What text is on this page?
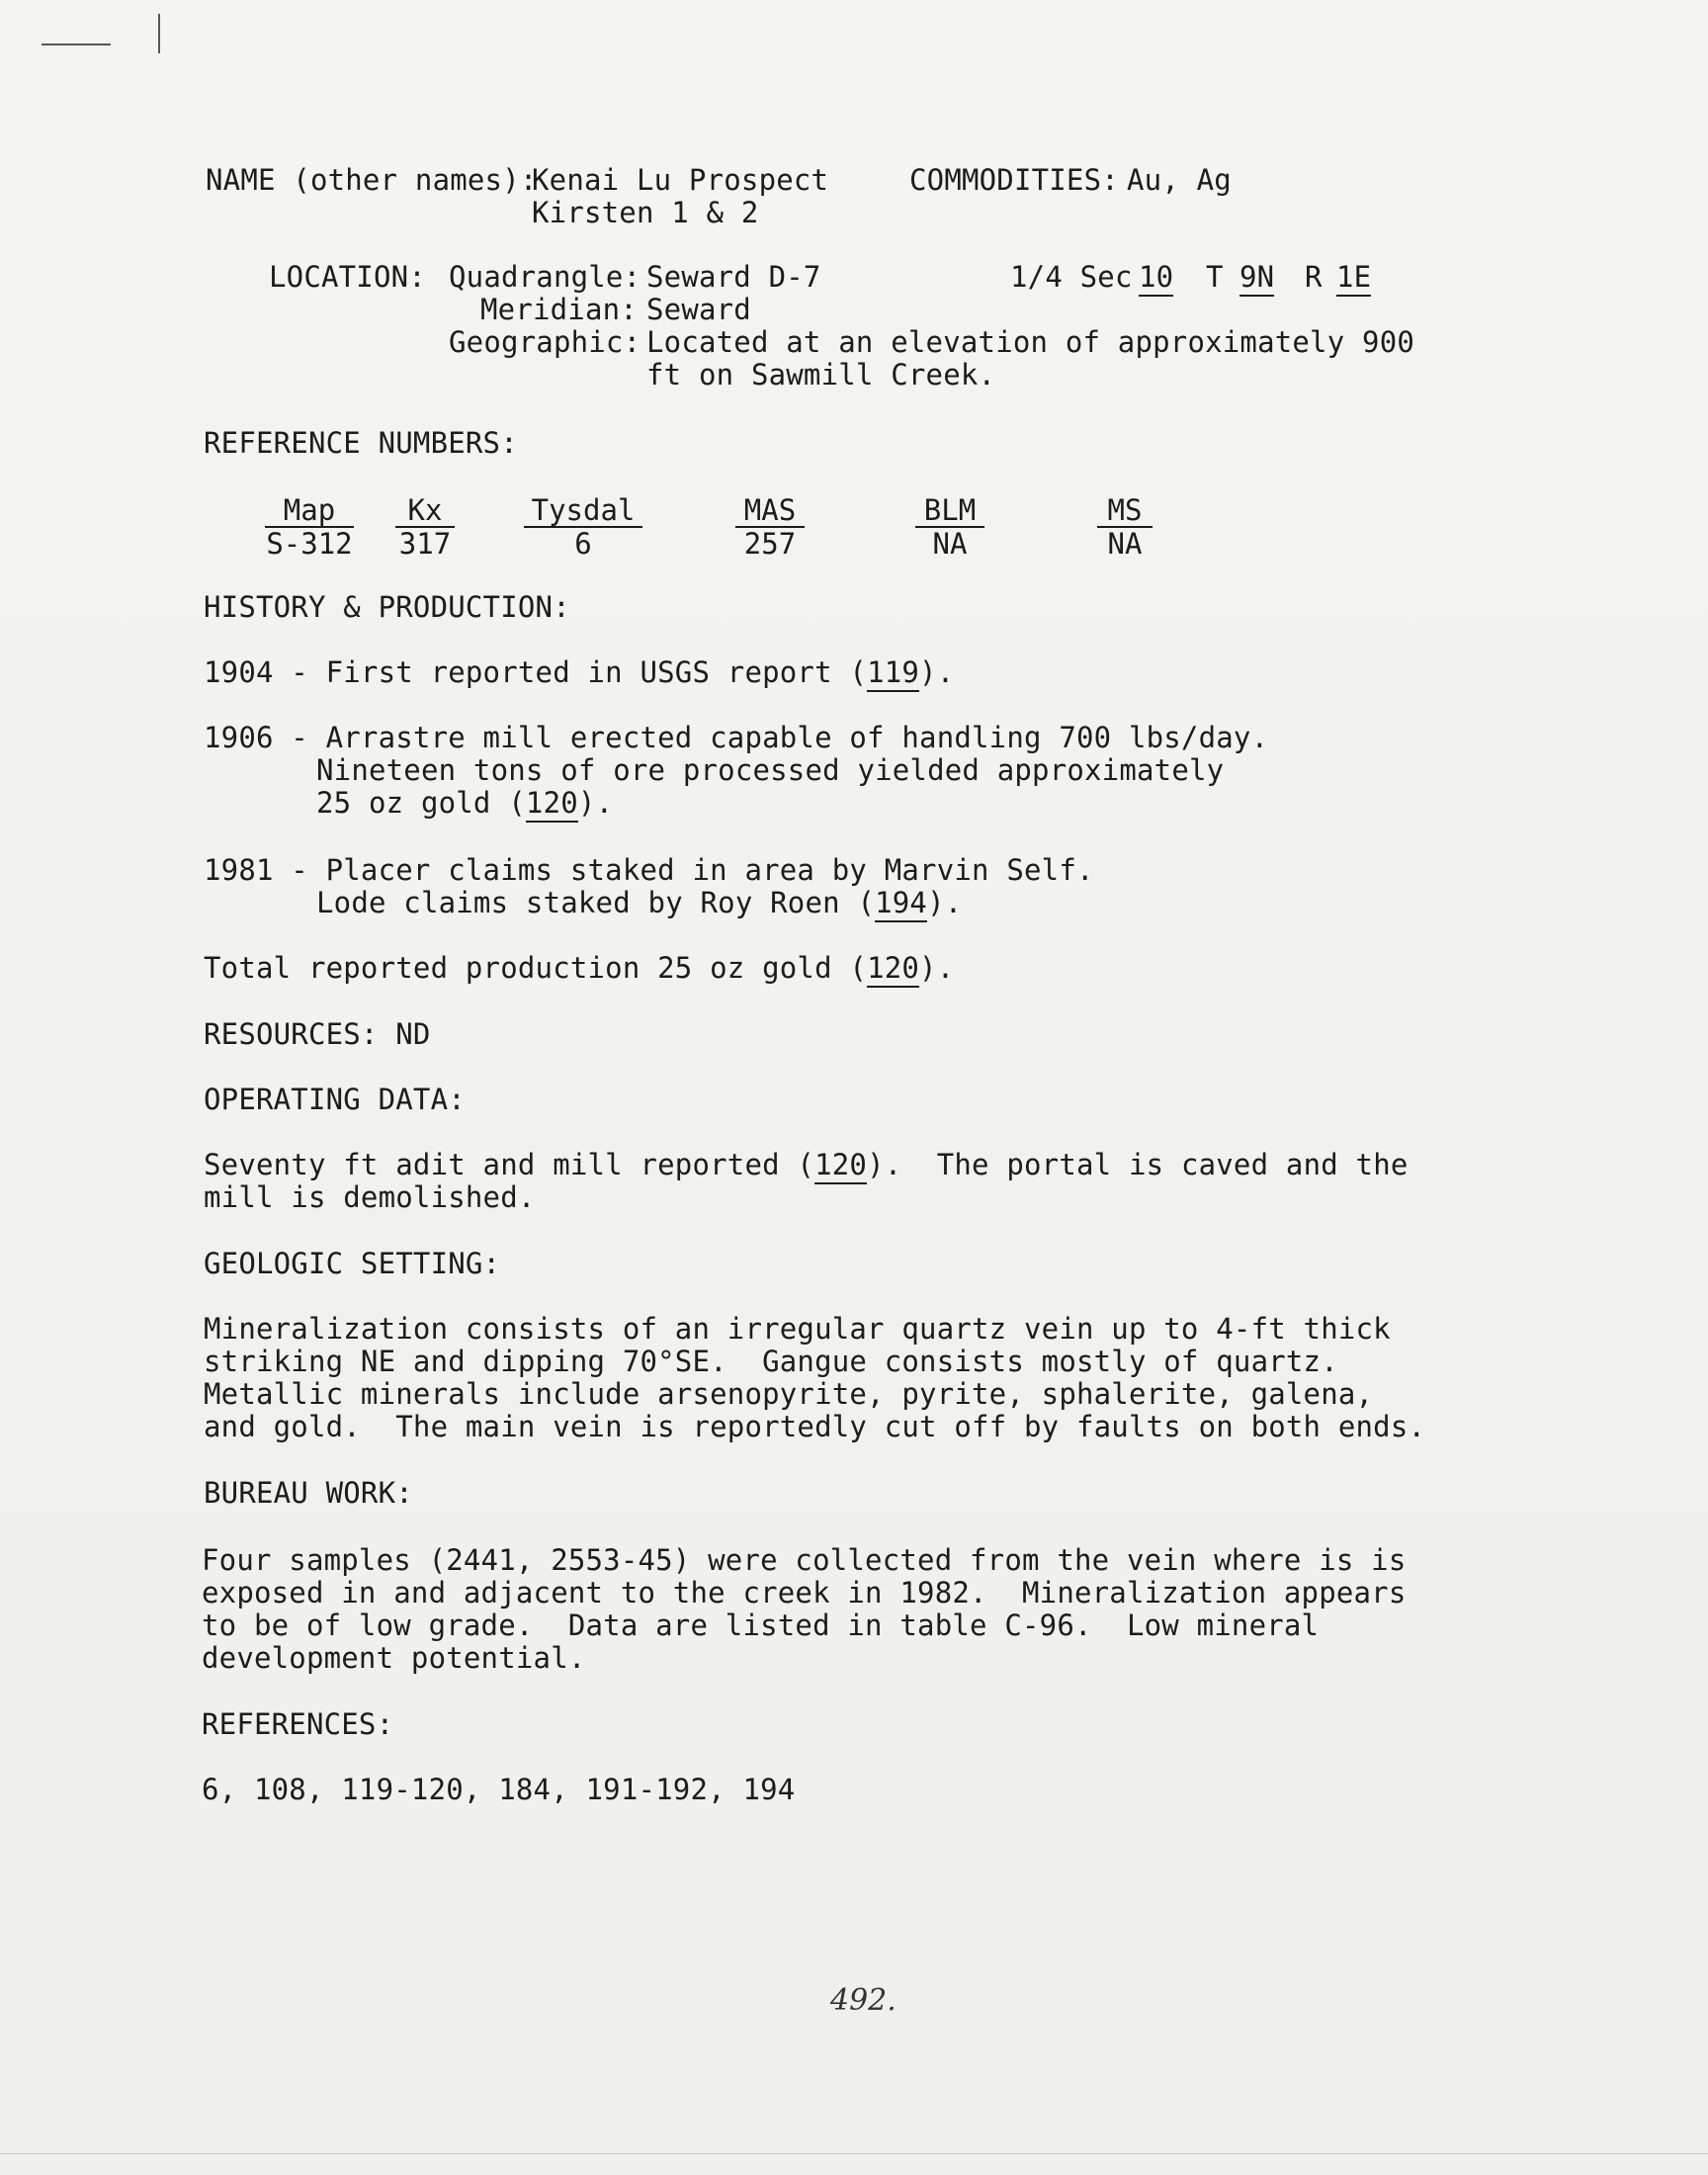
NAME (other names):
Kenai Lu Prospect
Kirsten 1 & 2
COMMODITIES: Au, Ag
LOCATION: Quadrangle: Seward D-7	1/4 Sec 10 T 9N R 1E
Meridian: Seward
Geographic: Located at an elevation of approximately 900
ft on Sawmill Creek.
REFERENCE NUMBERS:
Map
S-312
Kx
317
Tysdal
6
MAS
257
BLM
NA
MS
NA
HISTORY & PRODUCTION:
1904 - First reported in USGS report (119).
1906 - Arrastre mill erected capable of handling 700 lbs/day.
Nineteen tons of ore processed yielded approximately
25 oz gold (120).
1981 - Placer claims staked in area by Marvin Self.
Lode claims staked by Roy Roen (194).
Total reported production 25 oz gold (120).
RESOURCES: ND
OPERATING DATA:
Seventy ft adit and mill reported (120).  The portal is caved and the
mill is demolished.
GEOLOGIC SETTING:
Mineralization consists of an irregular quartz vein up to 4-ft thick
striking NE and dipping 70°SE.  Gangue consists mostly of quartz.
Metallic minerals include arsenopyrite, pyrite, sphalerite, galena,
and gold.  The main vein is reportedly cut off by faults on both ends.
BUREAU WORK:
Four samples (2441, 2553-45) were collected from the vein where is is
exposed in and adjacent to the creek in 1982.  Mineralization appears
to be of low grade.  Data are listed in table C-96.  Low mineral
development potential.
REFERENCES:
6, 108, 119-120, 184, 191-192, 194
492.
